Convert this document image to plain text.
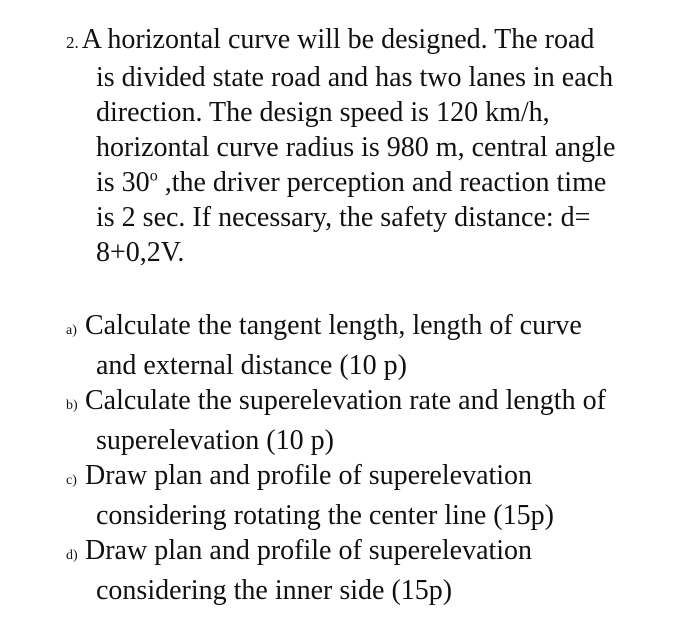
2. A horizontal curve will be designed. The road
is divided state road and has two lanes in each
direction. The design speed is 120 km/h,
horizontal curve radius is 980 m, central angle
is 30$^o$ ,the driver perception and reaction time
is 2 sec. If necessary, the safety distance: d=
8+0,2V.
a) Calculate the tangent length, length of curve
and external distance (10 p)
b) Calculate the superelevation rate and length of
superelevation (10 p)
c) Draw plan and profile of superelevation
considering rotating the center line (15p)
d) Draw plan and profile of superelevation
considering the inner side (15p)
